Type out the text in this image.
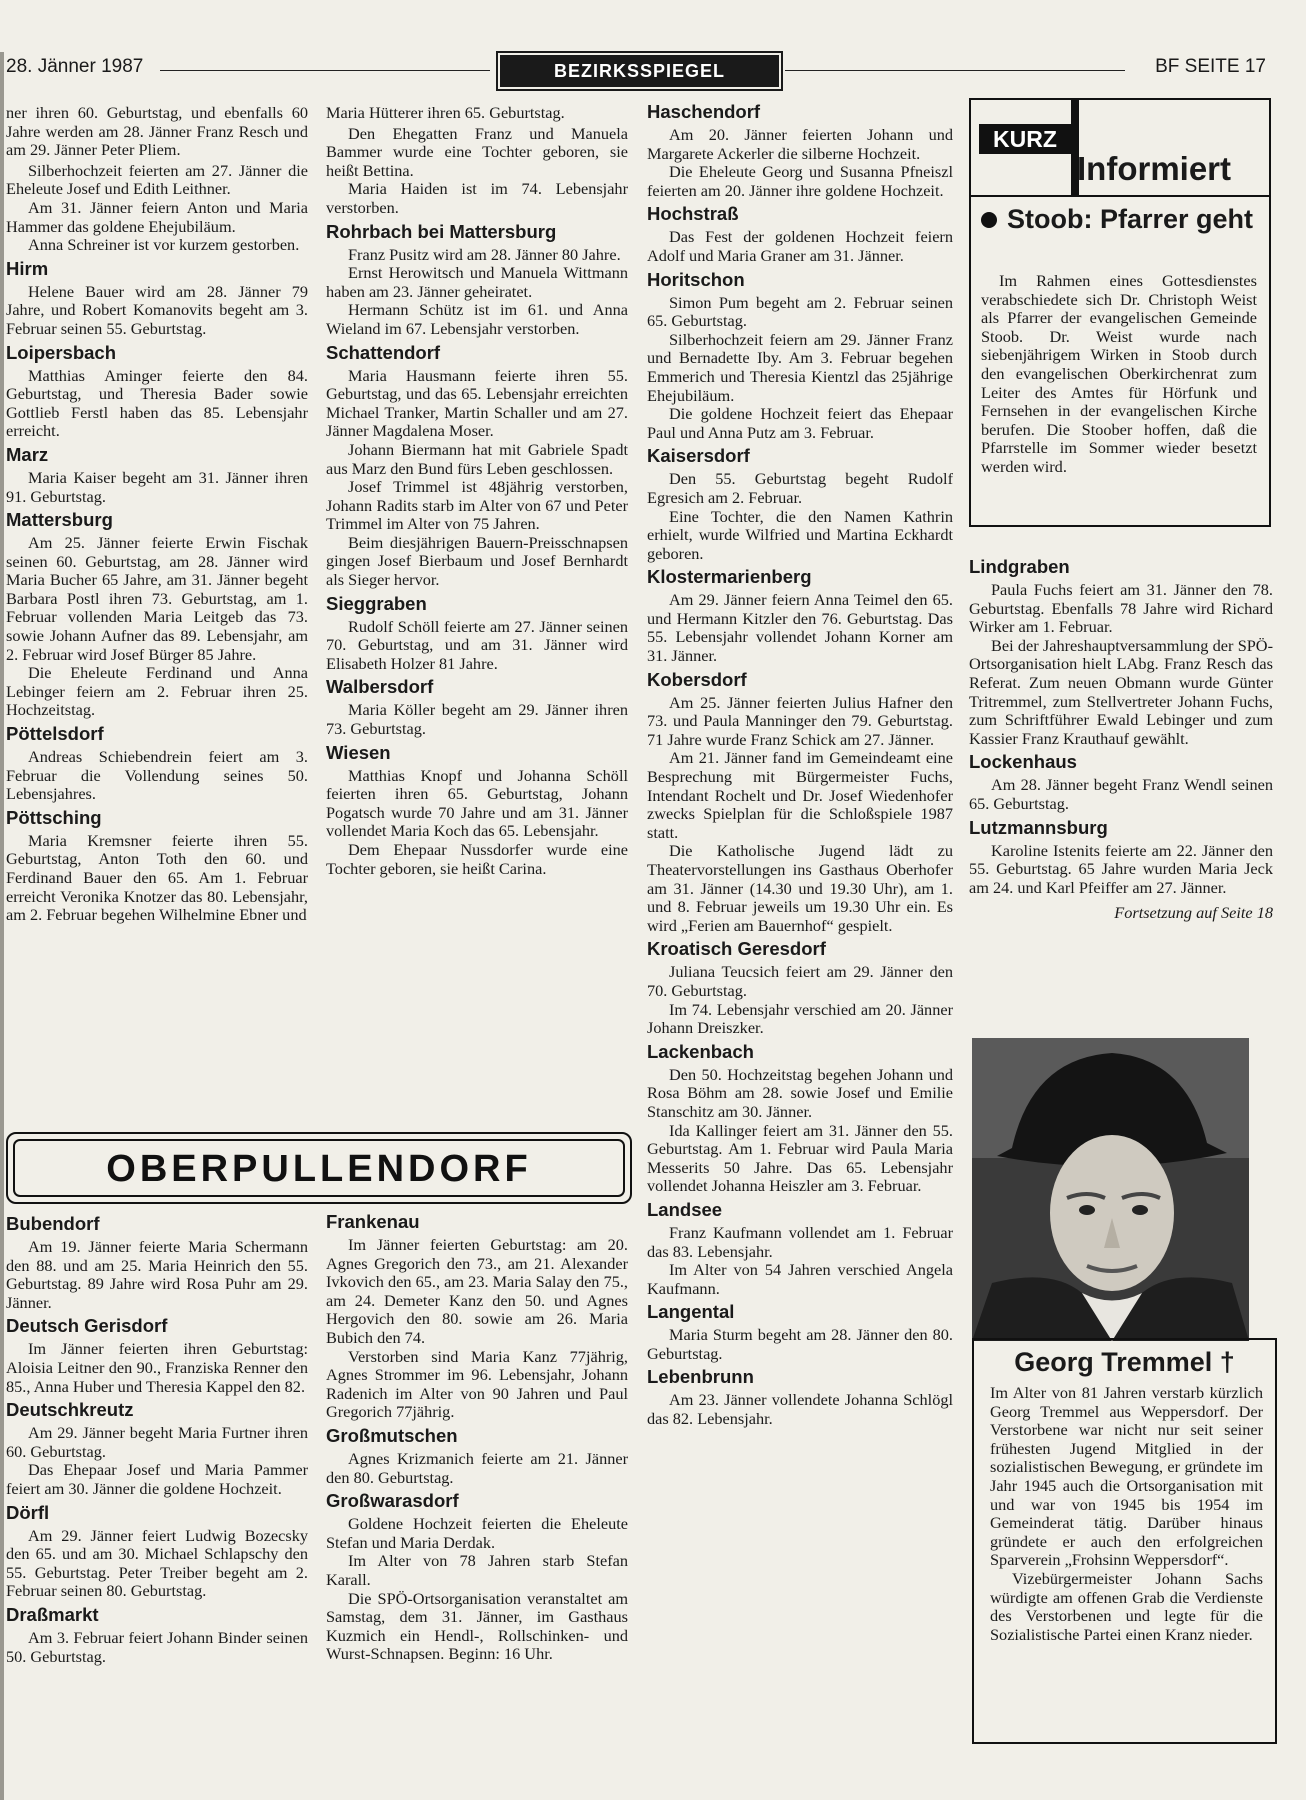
28. Jänner 1987	BEZIRKSSPIEGEL	BF SEITE 17

ner ihren 60. Geburtstag, und ebenfalls 60 Jahre werden am 28. Jänner Franz Resch und am 29. Jänner Peter Pliem.

Silberhochzeit feierten am 27. Jänner die Eheleute Josef und Edith Leithner.

Am 31. Jänner feiern Anton und Maria Hammer das goldene Ehejubiläum.

Anna Schreiner ist vor kurzem gestorben.

Hirm

Helene Bauer wird am 28. Jänner 79 Jahre, und Robert Komanovits begeht am 3. Februar seinen 55. Geburtstag.

Loipersbach

Matthias Aminger feierte den 84. Geburtstag, und Theresia Bader sowie Gottlieb Ferstl haben das 85. Lebensjahr erreicht.

Marz

Maria Kaiser begeht am 31. Jänner ihren 91. Geburtstag.

Mattersburg

Am 25. Jänner feierte Erwin Fischak seinen 60. Geburtstag, am 28. Jänner wird Maria Bucher 65 Jahre, am 31. Jänner begeht Barbara Postl ihren 73. Geburtstag, am 1. Februar vollenden Maria Leitgeb das 73. sowie Johann Aufner das 89. Lebensjahr, am 2. Februar wird Josef Bürger 85 Jahre.

Die Eheleute Ferdinand und Anna Lebinger feiern am 2. Februar ihren 25. Hochzeitstag.

Pöttelsdorf

Andreas Schiebendrein feiert am 3. Februar die Vollendung seines 50. Lebensjahres.

Pöttsching

Maria Kremsner feierte ihren 55. Geburtstag, Anton Toth den 60. und Ferdinand Bauer den 65. Am 1. Februar erreicht Veronika Knotzer das 80. Lebensjahr, am 2. Februar begehen Wilhelmine Ebner und

Maria Hütterer ihren 65. Geburtstag.

Den Ehegatten Franz und Manuela Bammer wurde eine Tochter geboren, sie heißt Bettina.

Maria Haiden ist im 74. Lebensjahr verstorben.

Rohrbach bei Mattersburg

Franz Pusitz wird am 28. Jänner 80 Jahre.

Ernst Herowitsch und Manuela Wittmann haben am 23. Jänner geheiratet.

Hermann Schütz ist im 61. und Anna Wieland im 67. Lebensjahr verstorben.

Schattendorf

Maria Hausmann feierte ihren 55. Geburtstag, und das 65. Lebensjahr erreichten Michael Tranker, Martin Schaller und am 27. Jänner Magdalena Moser.

Johann Biermann hat mit Gabriele Spadt aus Marz den Bund fürs Leben geschlossen.

Josef Trimmel ist 48jährig verstorben, Johann Radits starb im Alter von 67 und Peter Trimmel im Alter von 75 Jahren.

Beim diesjährigen Bauern-Preisschnapsen gingen Josef Bierbaum und Josef Bernhardt als Sieger hervor.

Sieggraben

Rudolf Schöll feierte am 27. Jänner seinen 70. Geburtstag, und am 31. Jänner wird Elisabeth Holzer 81 Jahre.

Walbersdorf

Maria Köller begeht am 29. Jänner ihren 73. Geburtstag.

Wiesen

Matthias Knopf und Johanna Schöll feierten ihren 65. Geburtstag, Johann Pogatsch wurde 70 Jahre und am 31. Jänner vollendet Maria Koch das 65. Lebensjahr.

Dem Ehepaar Nussdorfer wurde eine Tochter geboren, sie heißt Carina.

OBERPULLENDORF
Bubendorf

Am 19. Jänner feierte Maria Schermann den 88. und am 25. Maria Heinrich den 55. Geburtstag. 89 Jahre wird Rosa Puhr am 29. Jänner.

Deutsch Gerisdorf

Im Jänner feierten ihren Geburtstag: Aloisia Leitner den 90., Franziska Renner den 85., Anna Huber und Theresia Kappel den 82.

Deutschkreutz

Am 29. Jänner begeht Maria Furtner ihren 60. Geburtstag.

Das Ehepaar Josef und Maria Pammer feiert am 30. Jänner die goldene Hochzeit.

Dörfl

Am 29. Jänner feiert Ludwig Bozecsky den 65. und am 30. Michael Schlapschy den 55. Geburtstag. Peter Treiber begeht am 2. Februar seinen 80. Geburtstag.

Draßmarkt

Am 3. Februar feiert Johann Binder seinen 50. Geburtstag.

Frankenau

Im Jänner feierten Geburtstag: am 20. Agnes Gregorich den 73., am 21. Alexander Ivkovich den 65., am 23. Maria Salay den 75., am 24. Demeter Kanz den 50. und Agnes Hergovich den 80. sowie am 26. Maria Bubich den 74.

Verstorben sind Maria Kanz 77jährig, Agnes Strommer im 96. Lebensjahr, Johann Radenich im Alter von 90 Jahren und Paul Gregorich 77jährig.

Großmutschen

Agnes Krizmanich feierte am 21. Jänner den 80. Geburtstag.

Großwarasdorf

Goldene Hochzeit feierten die Eheleute Stefan und Maria Derdak.

Im Alter von 78 Jahren starb Stefan Karall.

Die SPÖ-Ortsorganisation veranstaltet am Samstag, dem 31. Jänner, im Gasthaus Kuzmich ein Hendl-, Rollschinken- und Wurst-Schnapsen. Beginn: 16 Uhr.

Haschendorf

Am 20. Jänner feierten Johann und Margarete Ackerler die silberne Hochzeit.

Die Eheleute Georg und Susanna Pfneiszl feierten am 20. Jänner ihre goldene Hochzeit.

Hochstraß

Das Fest der goldenen Hochzeit feiern Adolf und Maria Graner am 31. Jänner.

Horitschon

Simon Pum begeht am 2. Februar seinen 65. Geburtstag.

Silberhochzeit feiern am 29. Jänner Franz und Bernadette Iby. Am 3. Februar begehen Emmerich und Theresia Kientzl das 25jährige Ehejubiläum.

Die goldene Hochzeit feiert das Ehepaar Paul und Anna Putz am 3. Februar.

Kaisersdorf

Den 55. Geburtstag begeht Rudolf Egresich am 2. Februar.

Eine Tochter, die den Namen Kathrin erhielt, wurde Wilfried und Martina Eckhardt geboren.

Klostermarienberg

Am 29. Jänner feiern Anna Teimel den 65. und Hermann Kitzler den 76. Geburtstag. Das 55. Lebensjahr vollendet Johann Korner am 31. Jänner.

Kobersdorf

Am 25. Jänner feierten Julius Hafner den 73. und Paula Manninger den 79. Geburtstag. 71 Jahre wurde Franz Schick am 27. Jänner.

Am 21. Jänner fand im Gemeindeamt eine Besprechung mit Bürgermeister Fuchs, Intendant Rochelt und Dr. Josef Wiedenhofer zwecks Spielplan für die Schloßspiele 1987 statt.

Die Katholische Jugend lädt zu Theatervorstellungen ins Gasthaus Oberhofer am 31. Jänner (14.30 und 19.30 Uhr), am 1. und 8. Februar jeweils um 19.30 Uhr ein. Es wird „Ferien am Bauernhof“ gespielt.

Kroatisch Geresdorf

Juliana Teucsich feiert am 29. Jänner den 70. Geburtstag.

Im 74. Lebensjahr verschied am 20. Jänner Johann Dreiszker.

Lackenbach

Den 50. Hochzeitstag begehen Johann und Rosa Böhm am 28. sowie Josef und Emilie Stanschitz am 30. Jänner.

Ida Kallinger feiert am 31. Jänner den 55. Geburtstag. Am 1. Februar wird Paula Maria Messerits 50 Jahre. Das 65. Lebensjahr vollendet Johanna Heiszler am 3. Februar.

Landsee

Franz Kaufmann vollendet am 1. Februar das 83. Lebensjahr.

Im Alter von 54 Jahren verschied Angela Kaufmann.

Langental

Maria Sturm begeht am 28. Jänner den 80. Geburtstag.

Lebenbrunn

Am 23. Jänner vollendete Johanna Schlögl das 82. Lebensjahr.

KURZ
Informiert
Stoob: Pfarrer geht
Im Rahmen eines Gottesdienstes verabschiedete sich Dr. Christoph Weist als Pfarrer der evangelischen Gemeinde Stoob. Dr. Weist wurde nach siebenjährigem Wirken in Stoob durch den evangelischen Oberkirchenrat zum Leiter des Amtes für Hörfunk und Fernsehen in der evangelischen Kirche berufen. Die Stoober hoffen, daß die Pfarrstelle im Sommer wieder besetzt werden wird.
Lindgraben

Paula Fuchs feiert am 31. Jänner den 78. Geburtstag. Ebenfalls 78 Jahre wird Richard Wirker am 1. Februar.

Bei der Jahreshauptversammlung der SPÖ-Ortsorganisation hielt LAbg. Franz Resch das Referat. Zum neuen Obmann wurde Günter Tritremmel, zum Stellvertreter Johann Fuchs, zum Schriftführer Ewald Lebinger und zum Kassier Franz Krauthauf gewählt.

Lockenhaus

Am 28. Jänner begeht Franz Wendl seinen 65. Geburtstag.

Lutzmannsburg

Karoline Istenits feierte am 22. Jänner den 55. Geburtstag. 65 Jahre wurden Maria Jeck am 24. und Karl Pfeiffer am 27. Jänner.

Fortsetzung auf Seite 18
Georg Tremmel †

Im Alter von 81 Jahren verstarb kürzlich Georg Tremmel aus Weppersdorf. Der Verstorbene war nicht nur seit seiner frühesten Jugend Mitglied in der sozialistischen Bewegung, er gründete im Jahr 1945 auch die Ortsorganisation mit und war von 1945 bis 1954 im Gemeinderat tätig. Darüber hinaus gründete er auch den erfolgreichen Sparverein „Frohsinn Weppersdorf“.

Vizebürgermeister Johann Sachs würdigte am offenen Grab die Verdienste des Verstorbenen und legte für die Sozialistische Partei einen Kranz nieder.
